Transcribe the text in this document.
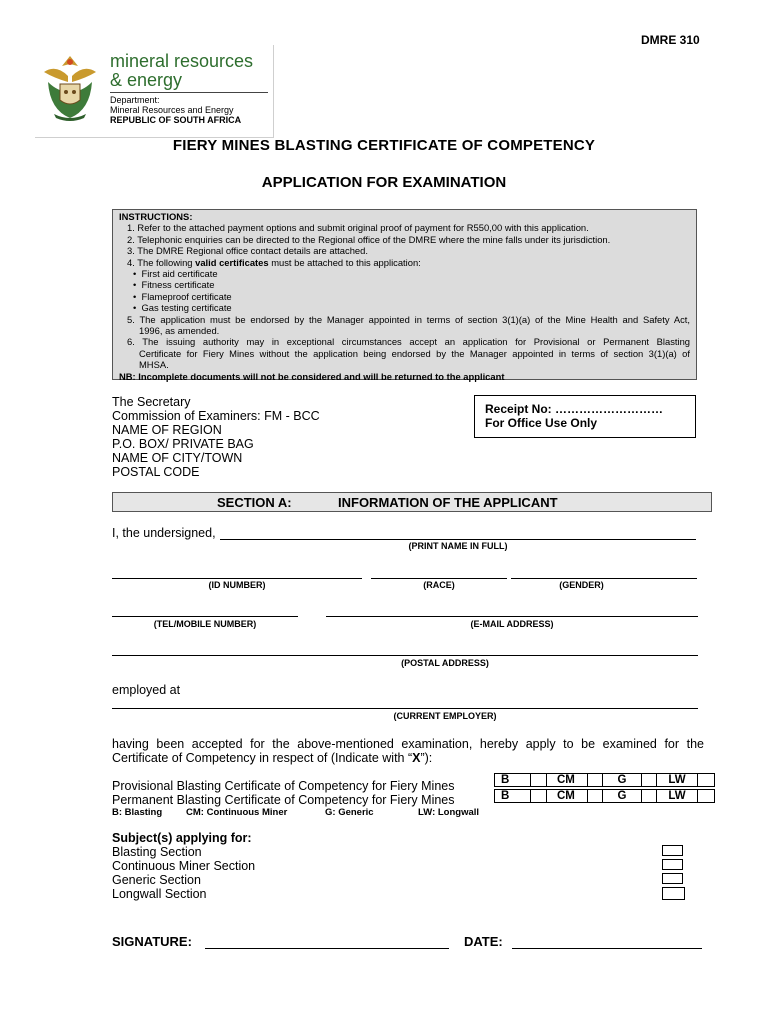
DMRE 310
mineral resources
& energy
Department:
Mineral Resources and Energy
REPUBLIC OF SOUTH AFRICA
FIERY MINES BLASTING CERTIFICATE OF COMPETENCY
APPLICATION FOR EXAMINATION
INSTRUCTIONS:
1. Refer to the attached payment options and submit original proof of payment for R550,00 with this application.
2. Telephonic enquiries can be directed to the Regional office of the DMRE where the mine falls under its jurisdiction.
3. The DMRE Regional office contact details are attached.
4. The following valid certificates must be attached to this application:
•  First aid certificate
•  Fitness certificate
•  Flameproof certificate
•  Gas testing certificate
5. The application must be endorsed by the Manager appointed in terms of section 3(1)(a) of the Mine Health and Safety Act,
1996, as amended.
6. The issuing authority may in exceptional circumstances accept an application for Provisional or Permanent Blasting
Certificate for Fiery Mines without the application being endorsed by the Manager appointed in terms of section 3(1)(a) of
MHSA.
NB: Incomplete documents will not be considered and will be returned to the applicant
The Secretary
Commission of Examiners: FM - BCC
NAME OF REGION
P.O. BOX/ PRIVATE BAG
NAME OF CITY/TOWN
POSTAL CODE
Receipt No: ………………………
For Office Use Only
SECTION A:	INFORMATION OF THE APPLICANT
I, the undersigned,
(PRINT NAME IN FULL)
(ID NUMBER)	(RACE)	(GENDER)
(TEL/MOBILE NUMBER)	(E-MAIL ADDRESS)
(POSTAL ADDRESS)
employed at
(CURRENT EMPLOYER)
having been accepted for the above-mentioned examination, hereby apply to be examined for the Certificate of Competency in respect of (Indicate with “X”):
Provisional Blasting Certificate of Competency for Fiery Mines
Permanent Blasting Certificate of Competency for Fiery Mines
B		CM		G		LW	
B		CM		G		LW	
B: Blasting	CM: Continuous Miner	G: Generic	LW: Longwall
Subject(s) applying for:
Blasting Section
Continuous Miner Section
Generic Section
Longwall Section
SIGNATURE:	DATE:
